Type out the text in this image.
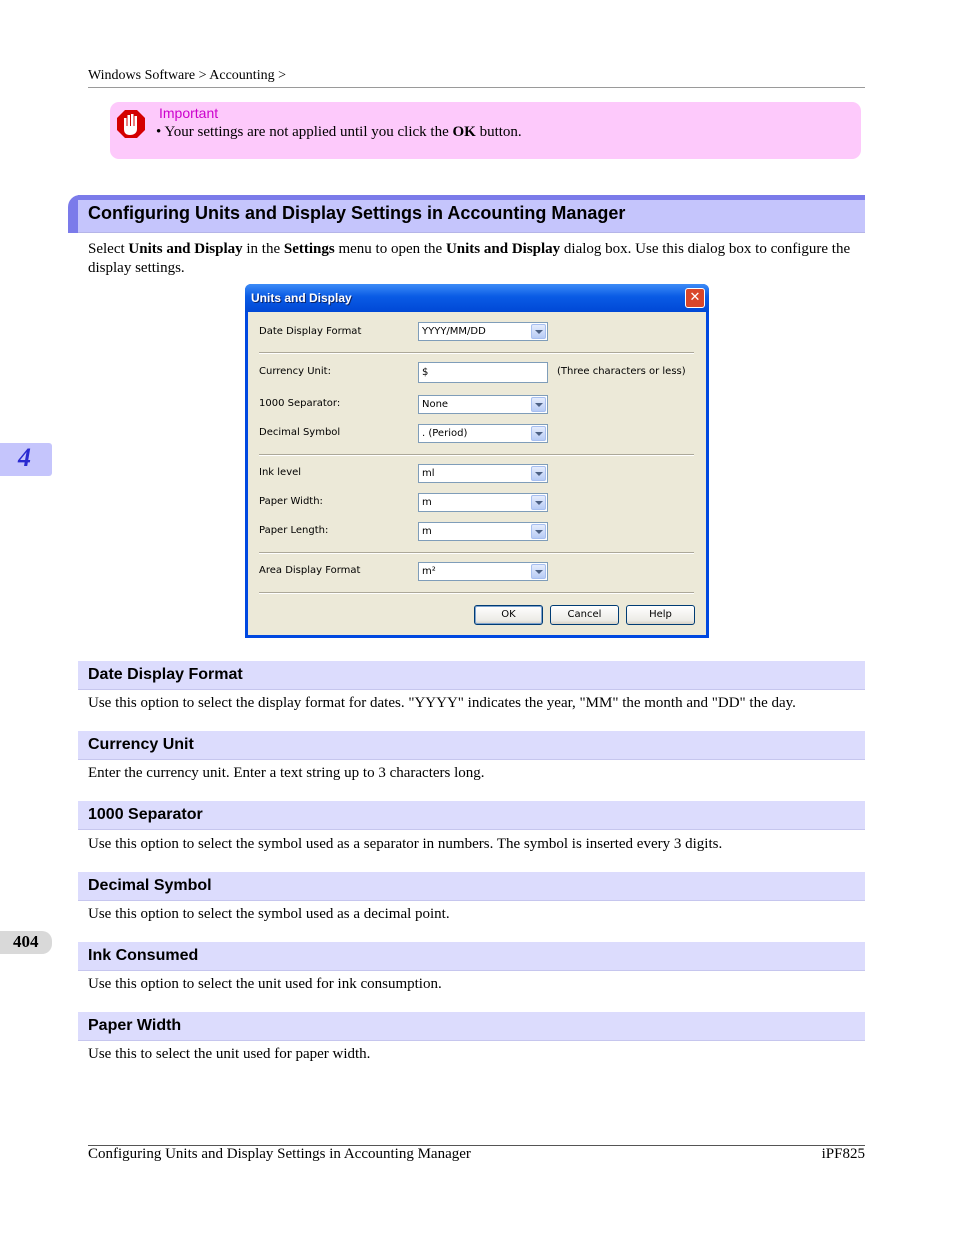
Windows Software > Accounting >
Important
• Your settings are not applied until you click the OK button.
Configuring Units and Display Settings in Accounting Manager
Select Units and Display in the Settings menu to open the Units and Display dialog box. Use this dialog box to configure the display settings.
Units and Display	✕
Date Display Format	YYYY/MM/DD
Currency Unit:	$	(Three characters or less)
1000 Separator:	None
Decimal Symbol	. (Period)
Ink level	ml
Paper Width:	m
Paper Length:	m
Area Display Format	m²
OK	Cancel	Help
Date Display Format
Use this option to select the display format for dates. "YYYY" indicates the year, "MM" the month and "DD" the day.
Currency Unit
Enter the currency unit. Enter a text string up to 3 characters long.
1000 Separator
Use this option to select the symbol used as a separator in numbers. The symbol is inserted every 3 digits.
Decimal Symbol
Use this option to select the symbol used as a decimal point.
Ink Consumed
Use this option to select the unit used for ink consumption.
Paper Width
Use this to select the unit used for paper width.
4
404
Configuring Units and Display Settings in Accounting Manager	iPF825
